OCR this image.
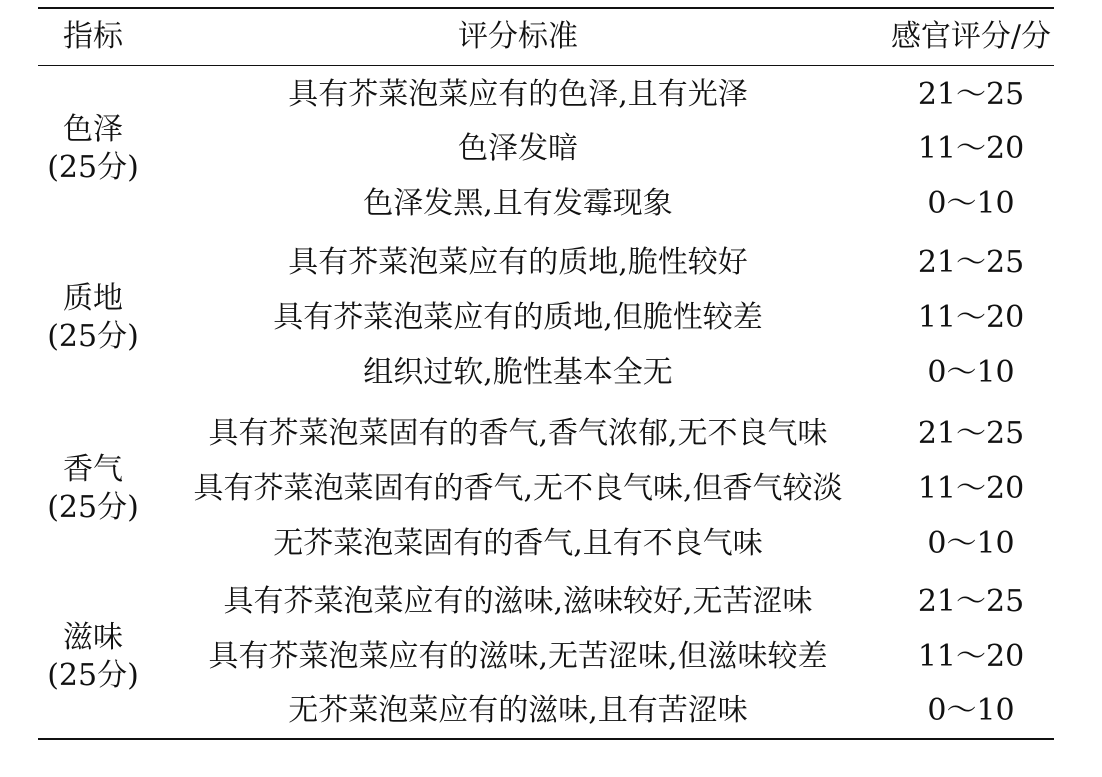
指标	评分标准	感官评分/分
色泽
(25分)
具有芥菜泡菜应有的色泽,且有光泽	21～25
色泽发暗	11～20
色泽发黑,且有发霉现象	0～10
质地
(25分)
具有芥菜泡菜应有的质地,脆性较好	21～25
具有芥菜泡菜应有的质地,但脆性较差	11～20
组织过软,脆性基本全无	0～10
香气
(25分)
具有芥菜泡菜固有的香气,香气浓郁,无不良气味	21～25
具有芥菜泡菜固有的香气,无不良气味,但香气较淡	11～20
无芥菜泡菜固有的香气,且有不良气味	0～10
滋味
(25分)
具有芥菜泡菜应有的滋味,滋味较好,无苦涩味	21～25
具有芥菜泡菜应有的滋味,无苦涩味,但滋味较差	11～20
无芥菜泡菜应有的滋味,且有苦涩味	0～10
